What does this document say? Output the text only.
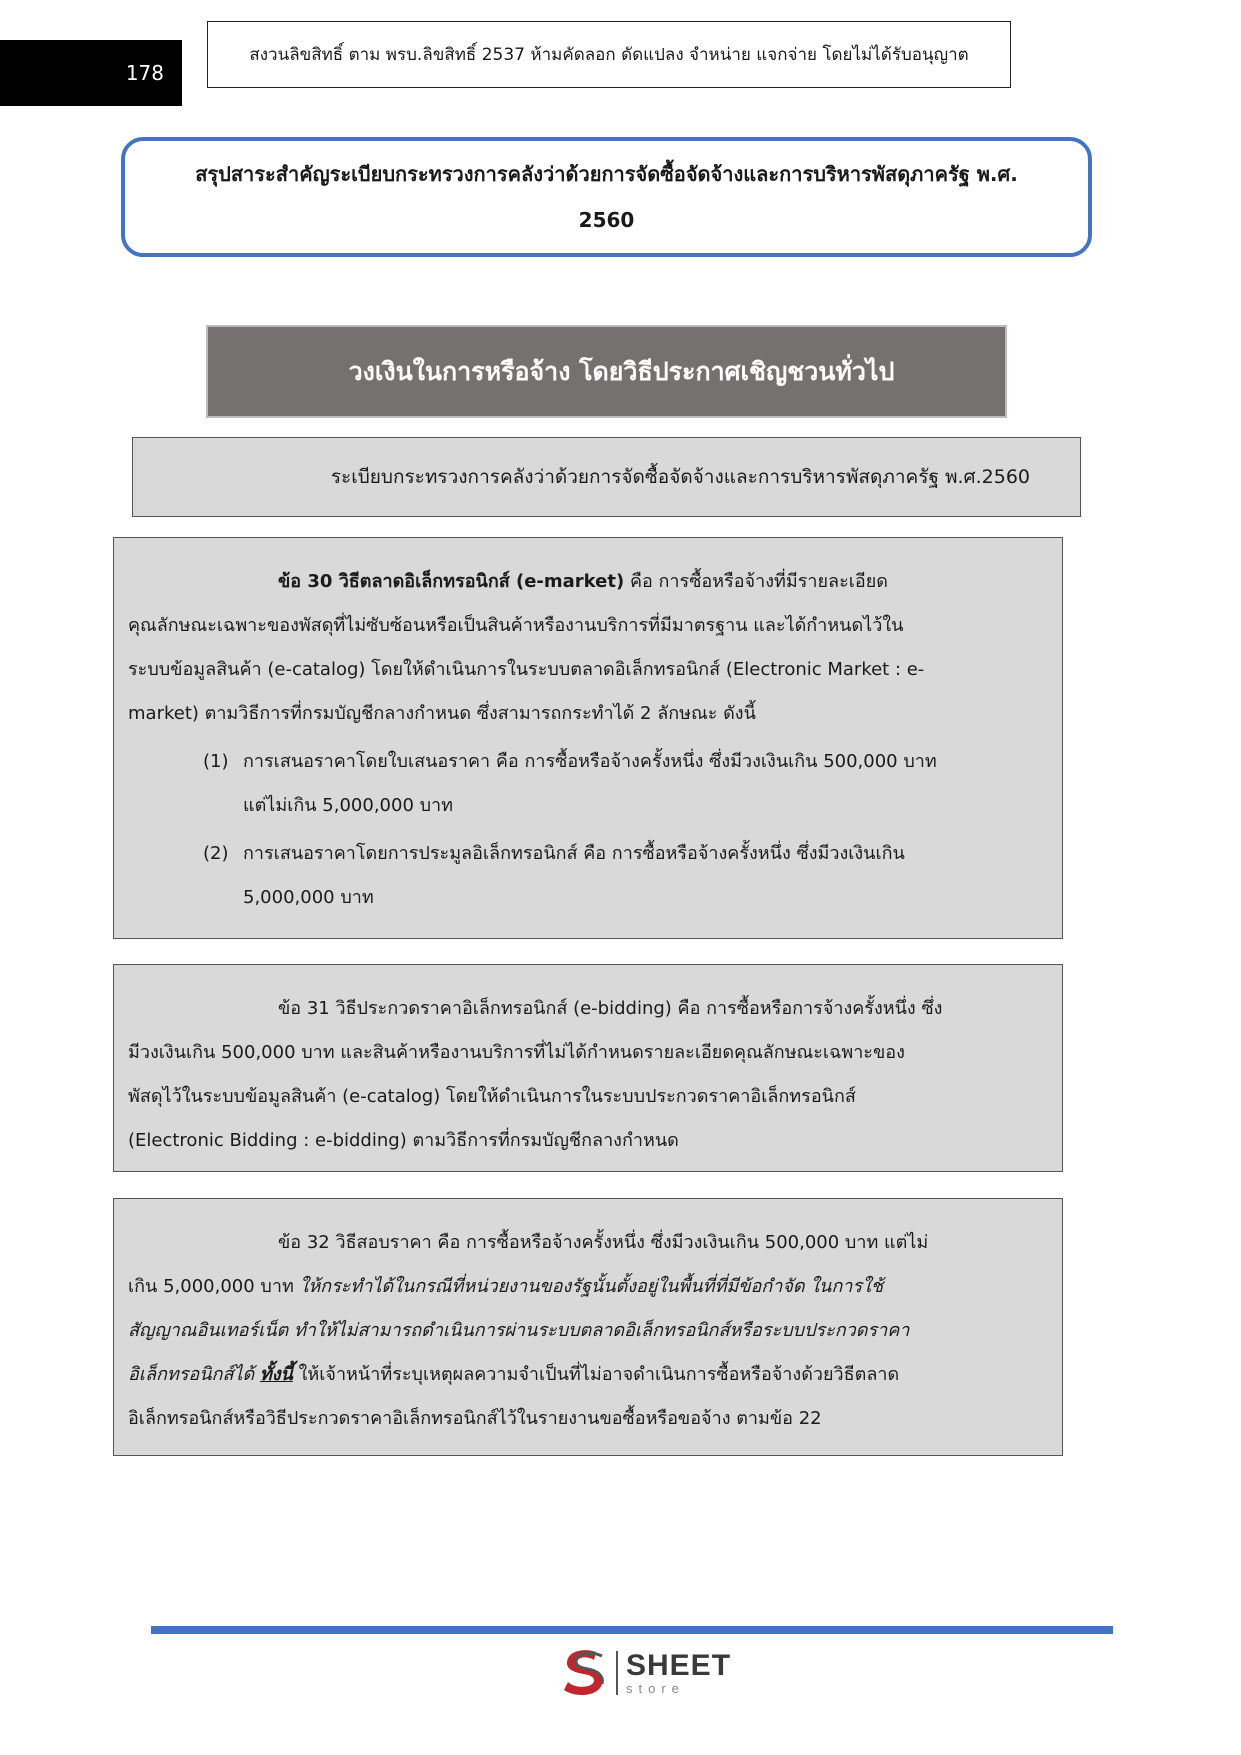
178
สงวนลิขสิทธิ์ ตาม พรบ.ลิขสิทธิ์ 2537 ห้ามคัดลอก ดัดแปลง จำหน่าย แจกจ่าย โดยไม่ได้รับอนุญาต
สรุปสาระสำคัญระเบียบกระทรวงการคลังว่าด้วยการจัดซื้อจัดจ้างและการบริหารพัสดุภาครัฐ พ.ศ.
2560
วงเงินในการหรือจ้าง โดยวิธีประกาศเชิญชวนทั่วไป
ระเบียบกระทรวงการคลังว่าด้วยการจัดซื้อจัดจ้างและการบริหารพัสดุภาครัฐ พ.ศ.2560

ข้อ 30 วิธีตลาดอิเล็กทรอนิกส์ (e-market) คือ การซื้อหรือจ้างที่มีรายละเอียด

คุณลักษณะเฉพาะของพัสดุที่ไม่ซับซ้อนหรือเป็นสินค้าหรืองานบริการที่มีมาตรฐาน และได้กำหนดไว้ใน

ระบบข้อมูลสินค้า (e-catalog) โดยให้ดำเนินการในระบบตลาดอิเล็กทรอนิกส์ (Electronic Market : e-

market) ตามวิธีการที่กรมบัญชีกลางกำหนด ซึ่งสามารถกระทำได้ 2 ลักษณะ ดังนี้

(1) การเสนอราคาโดยใบเสนอราคา คือ การซื้อหรือจ้างครั้งหนึ่ง ซึ่งมีวงเงินเกิน 500,000 บาท
แต่ไม่เกิน 5,000,000 บาท
(2) การเสนอราคาโดยการประมูลอิเล็กทรอนิกส์ คือ การซื้อหรือจ้างครั้งหนึ่ง ซึ่งมีวงเงินเกิน
5,000,000 บาท

ข้อ 31 วิธีประกวดราคาอิเล็กทรอนิกส์ (e-bidding) คือ การซื้อหรือการจ้างครั้งหนึ่ง ซึ่ง

มีวงเงินเกิน 500,000 บาท และสินค้าหรืองานบริการที่ไม่ได้กำหนดรายละเอียดคุณลักษณะเฉพาะของ

พัสดุไว้ในระบบข้อมูลสินค้า (e-catalog) โดยให้ดำเนินการในระบบประกวดราคาอิเล็กทรอนิกส์

(Electronic Bidding : e-bidding) ตามวิธีการที่กรมบัญชีกลางกำหนด

ข้อ 32 วิธีสอบราคา คือ การซื้อหรือจ้างครั้งหนึ่ง ซึ่งมีวงเงินเกิน 500,000 บาท แต่ไม่

เกิน 5,000,000 บาท ให้กระทำได้ในกรณีที่หน่วยงานของรัฐนั้นตั้งอยู่ในพื้นที่ที่มีข้อกำจัด ในการใช้

สัญญาณอินเทอร์เน็ต ทำให้ไม่สามารถดำเนินการผ่านระบบตลาดอิเล็กทรอนิกส์หรือระบบประกวดราคา

อิเล็กทรอนิกส์ได้ ทั้งนี้ ให้เจ้าหน้าที่ระบุเหตุผลความจำเป็นที่ไม่อาจดำเนินการซื้อหรือจ้างด้วยวิธีตลาด

อิเล็กทรอนิกส์หรือวิธีประกวดราคาอิเล็กทรอนิกส์ไว้ในรายงานขอซื้อหรือขอจ้าง ตามข้อ 22

SHEET
store
